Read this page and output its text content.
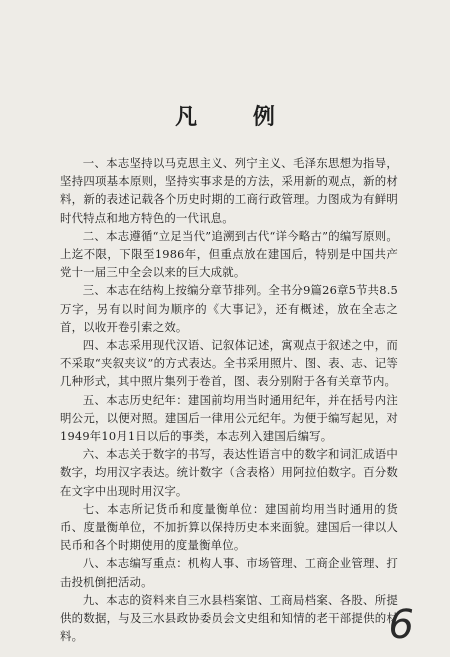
凡 例

一、本志坚持以马克思主义、列宁主义、毛泽东思想为指导，坚持四项基本原则，坚持实事求是的方法，采用新的观点，新的材料，新的表述记载各个历史时期的工商行政管理。力图成为有鲜明时代特点和地方特色的一代讯息。

二、本志遵循“立足当代”追溯到古代“详今略古”的编写原则。上迄不限，下限至1986年，但重点放在建国后，特别是中国共产党十一届三中全会以来的巨大成就。

三、本志在结构上按编分章节排列。全书分9篇26章5节共8.5万字，另有以时间为顺序的《大事记》，还有概述，放在全志之首，以收开卷引索之效。

四、本志采用现代汉语、记叙体记述，寓观点于叙述之中，而不采取“夹叙夹议”的方式表达。全书采用照片、图、表、志、记等几种形式，其中照片集列于卷首，图、表分别附于各有关章节内。

五、本志历史纪年：建国前均用当时通用纪年，并在括号内注明公元，以便对照。建国后一律用公元纪年。为便于编写起见，对1949年10月1日以后的事类，本志列入建国后编写。

六、本志关于数字的书写，表达性语言中的数字和词汇成语中数字，均用汉字表达。统计数字（含表格）用阿拉伯数字。百分数在文字中出现时用汉字。

七、本志所记货币和度量衡单位：建国前均用当时通用的货币、度量衡单位，不加折算以保持历史本来面貌。建国后一律以人民币和各个时期使用的度量衡单位。

八、本志编写重点：机构人事、市场管理、工商企业管理、打击投机倒把活动。

九、本志的资料来自三水县档案馆、工商局档案、各股、所提供的数据，与及三水县政协委员会文史组和知情的老干部提供的材料。	6
